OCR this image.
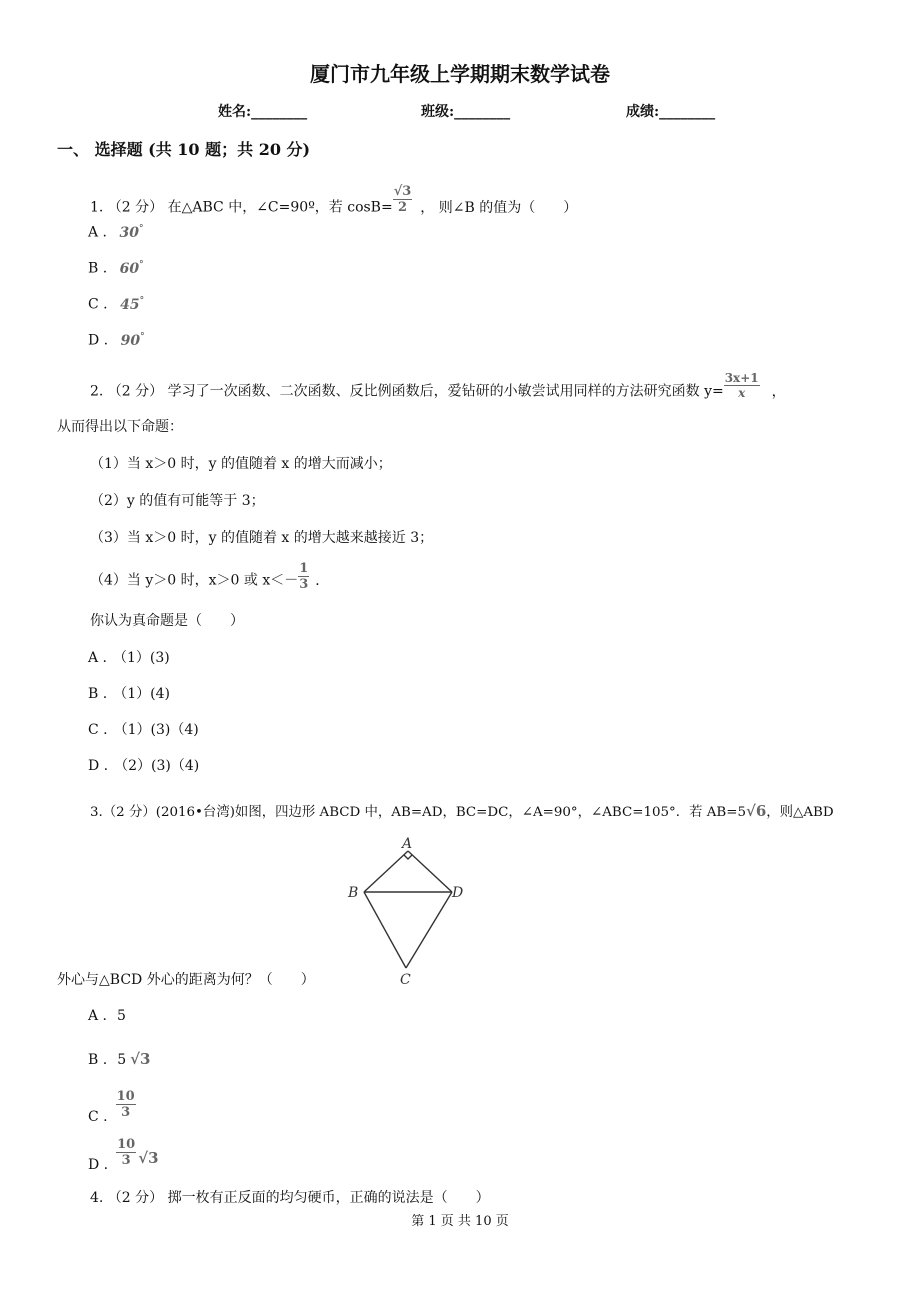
厦门市九年级上学期期末数学试卷
姓名:________	班级:________	成绩:________
一、 选择题 (共 10 题；共 20 分)
1. （2 分） 在△ABC 中，∠C=90º，若 $\cos B= \frac{√3}{2}$ ， 则∠B 的值为（　　）
A . 30°
B . 60°
C . 45°
D . 90°
2. （2 分） 学习了一次函数、二次函数、反比例函数后，爱钻研的小敏尝试用同样的方法研究函数 $y= \frac{3x+1}{x}$ ，
从而得出以下命题：
（1）当 x＞0 时，y 的值随着 x 的增大而减小；
（2）y 的值有可能等于 3；
（3）当 x＞0 时，y 的值随着 x 的增大越来越接近 3；
（4）当 y＞0 时，x＞0 或 $x<- \frac{1}{3}$ ．
你认为真命题是（　　）
A . （1）(3)
B . （1）(4)
C . （1）(3)（4)
D . （2）(3)（4)
3.（2 分）(2016•台湾)如图，四边形 ABCD 中，AB=AD，BC=DC，∠A=90°，∠ABC=105°．若 AB=5√6，则△ABD
A
B	D
C
外心与△BCD 外心的距离为何？（　　）
A . 5
B . 5 √3
C . $\frac{10}{3}$
D . $\frac{10}{3} √3$
4. （2 分） 掷一枚有正反面的均匀硬币，正确的说法是（　　）
第 1 页 共 10 页
